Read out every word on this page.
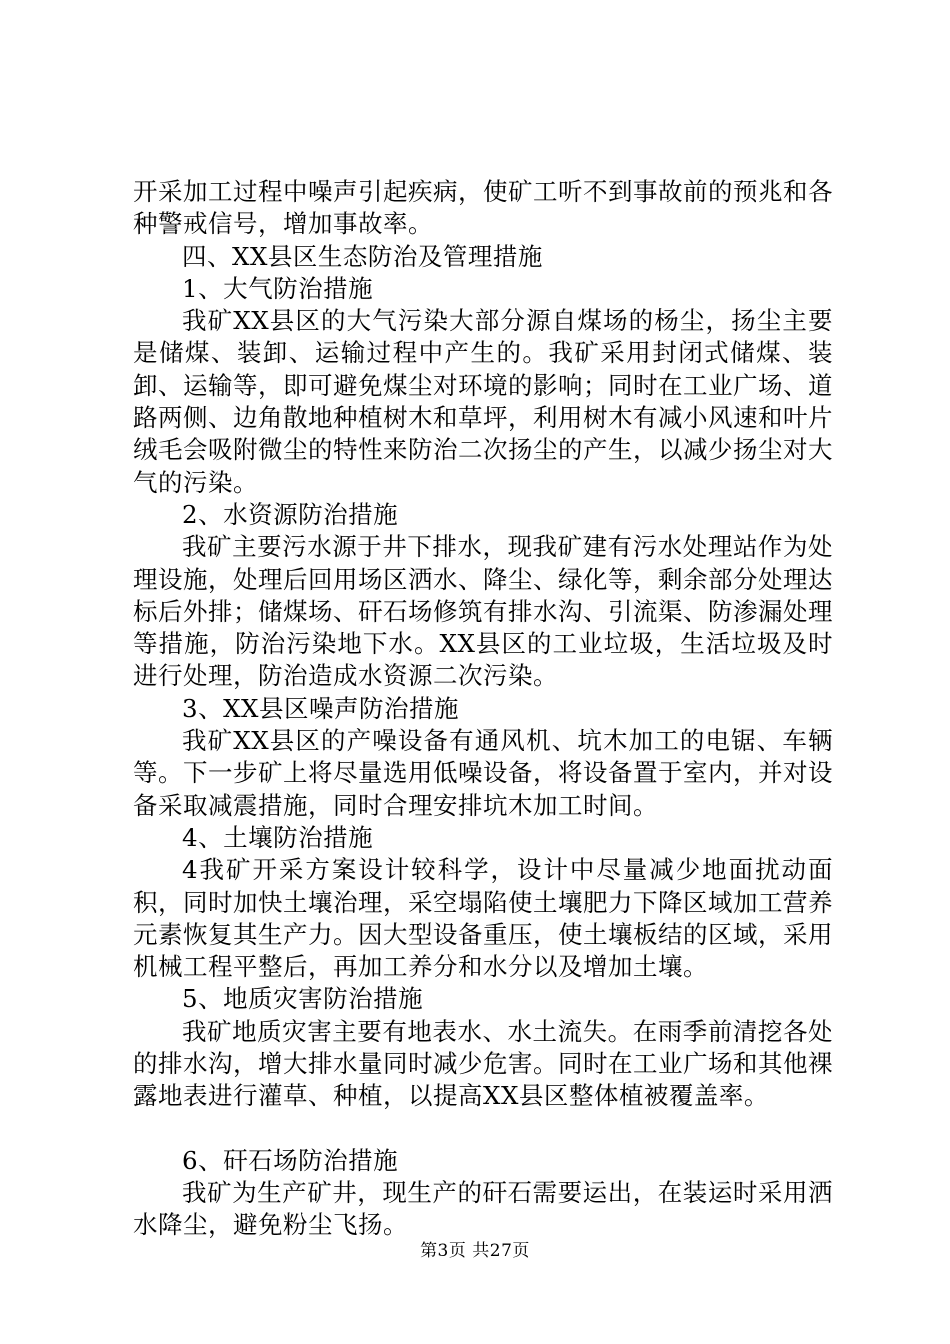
开采加工过程中噪声引起疾病，使矿工听不到事故前的预兆和各种警戒信号，增加事故率。

四、XX县区生态防治及管理措施

1、大气防治措施

我矿XX县区的大气污染大部分源自煤场的杨尘，扬尘主要是储煤、装卸、运输过程中产生的。我矿采用封闭式储煤、装卸、运输等，即可避免煤尘对环境的影响；同时在工业广场、道路两侧、边角散地种植树木和草坪，利用树木有减小风速和叶片绒毛会吸附微尘的特性来防治二次扬尘的产生，以减少扬尘对大气的污染。

2、水资源防治措施

我矿主要污水源于井下排水，现我矿建有污水处理站作为处理设施，处理后回用场区洒水、降尘、绿化等，剩余部分处理达标后外排；储煤场、矸石场修筑有排水沟、引流渠、防渗漏处理等措施，防治污染地下水。XX县区的工业垃圾，生活垃圾及时进行处理，防治造成水资源二次污染。

3、XX县区噪声防治措施

我矿XX县区的产噪设备有通风机、坑木加工的电锯、车辆等。下一步矿上将尽量选用低噪设备，将设备置于室内，并对设备采取减震措施，同时合理安排坑木加工时间。

4、土壤防治措施

4我矿开采方案设计较科学，设计中尽量减少地面扰动面积，同时加快土壤治理，采空塌陷使土壤肥力下降区域加工营养元素恢复其生产力。因大型设备重压，使土壤板结的区域，采用机械工程平整后，再加工养分和水分以及增加土壤。

5、地质灾害防治措施

我矿地质灾害主要有地表水、水土流失。在雨季前清挖各处的排水沟，增大排水量同时减少危害。同时在工业广场和其他裸露地表进行灌草、种植，以提高XX县区整体植被覆盖率。

6、矸石场防治措施

我矿为生产矿井，现生产的矸石需要运出，在装运时采用洒水降尘，避免粉尘飞扬。

第3页 共27页
